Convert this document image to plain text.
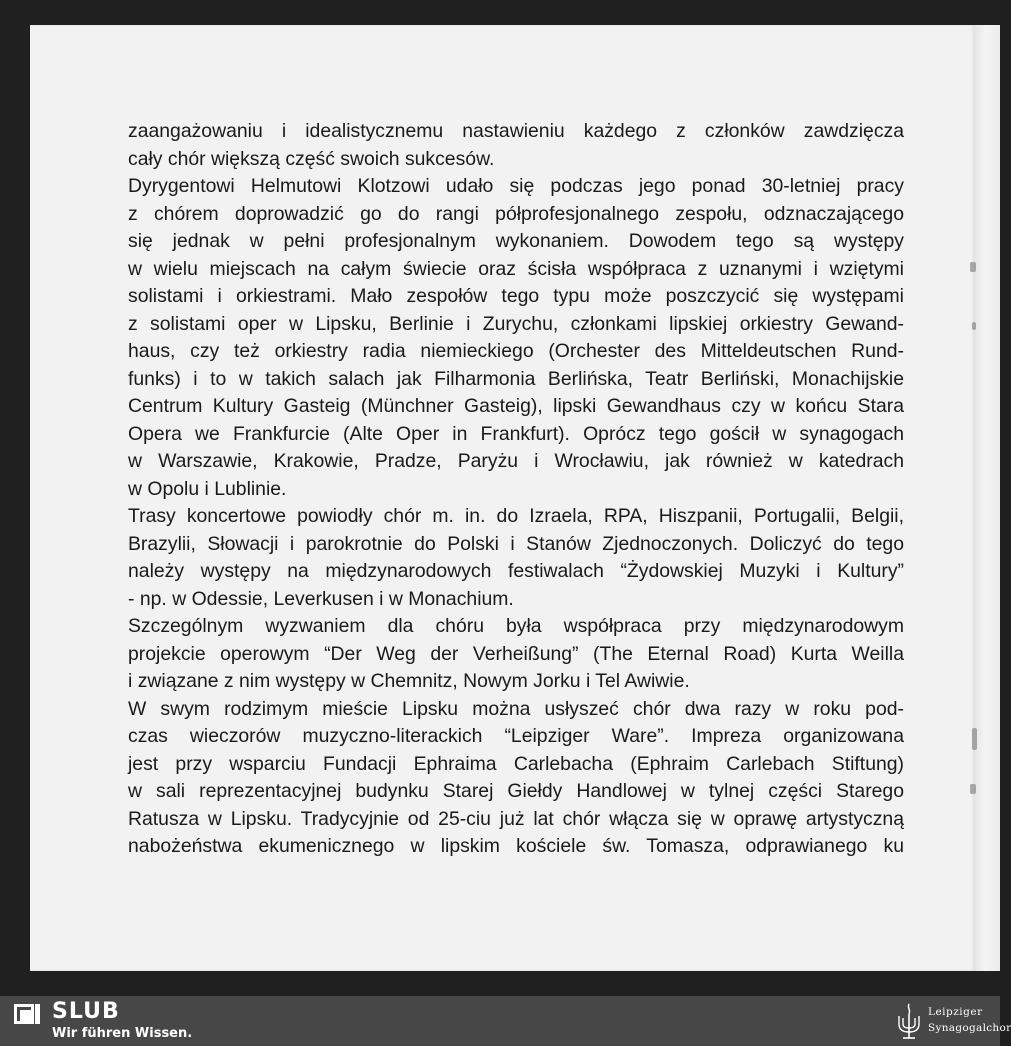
zaangażowaniu i idealistycznemu nastawieniu każdego z członków zawdzięcza
cały chór większą część swoich sukcesów.
Dyrygentowi Helmutowi Klotzowi udało się podczas jego ponad 30-letniej pracy
z chórem doprowadzić go do rangi półprofesjonalnego zespołu, odznaczającego
się jednak w pełni profesjonalnym wykonaniem. Dowodem tego są występy
w wielu miejscach na całym świecie oraz ścisła współpraca z uznanymi i wziętymi
solistami i orkiestrami. Mało zespołów tego typu może poszczycić się występami
z solistami oper w Lipsku, Berlinie i Zurychu, członkami lipskiej orkiestry Gewand-
haus, czy też orkiestry radia niemieckiego (Orchester des Mitteldeutschen Rund-
funks) i to w takich salach jak Filharmonia Berlińska, Teatr Berliński, Monachijskie
Centrum Kultury Gasteig (Münchner Gasteig), lipski Gewandhaus czy w końcu Stara
Opera we Frankfurcie (Alte Oper in Frankfurt). Oprócz tego gościł w synagogach
w Warszawie, Krakowie, Pradze, Paryżu i Wrocławiu, jak również w katedrach
w Opolu i Lublinie.
Trasy koncertowe powiodły chór m. in. do Izraela, RPA, Hiszpanii, Portugalii, Belgii,
Brazylii, Słowacji i parokrotnie do Polski i Stanów Zjednoczonych. Doliczyć do tego
należy występy na międzynarodowych festiwalach “Żydowskiej Muzyki i Kultury”
- np. w Odessie, Leverkusen i w Monachium.
Szczególnym wyzwaniem dla chóru była współpraca przy międzynarodowym
projekcie operowym “Der Weg der Verheißung” (The Eternal Road) Kurta Weilla
i związane z nim występy w Chemnitz, Nowym Jorku i Tel Awiwie.
W swym rodzimym mieście Lipsku można usłyszeć chór dwa razy w roku pod-
czas wieczorów muzyczno-literackich “Leipziger Ware”. Impreza organizowana
jest przy wsparciu Fundacji Ephraima Carlebacha (Ephraim Carlebach Stiftung)
w sali reprezentacyjnej budynku Starej Giełdy Handlowej w tylnej części Starego
Ratusza w Lipsku. Tradycyjnie od 25-ciu już lat chór włącza się w oprawę artystyczną
nabożeństwa ekumenicznego w lipskim kościele św. Tomasza, odprawianego ku
SLUB
Wir führen Wissen.
Leipziger
Synagogalchor
